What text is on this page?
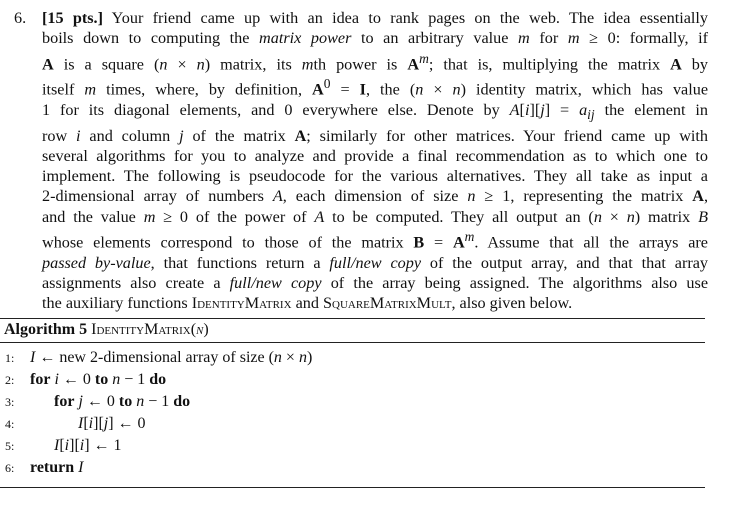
6. [15 pts.] Your friend came up with an idea to rank pages on the web. The idea essentially
boils down to computing the matrix power to an arbitrary value m for m ≥ 0: formally, if
A is a square (n × n) matrix, its mth power is $A^m$; that is, multiplying the matrix A by
itself m times, where, by definition, $A^0 = I$, the (n × n) identity matrix, which has value
1 for its diagonal elements, and 0 everywhere else. Denote by $A[i][j] = a_{ij}$ the element in
row i and column j of the matrix A; similarly for other matrices. Your friend came up with
several algorithms for you to analyze and provide a final recommendation as to which one to
implement. The following is pseudocode for the various alternatives. They all take as input a
2-dimensional array of numbers A, each dimension of size n ≥ 1, representing the matrix A,
and the value m ≥ 0 of the power of A to be computed. They all output an (n × n) matrix B
whose elements correspond to those of the matrix $B = A^m$. Assume that all the arrays are
passed by-value, that functions return a full/new copy of the output array, and that that array
assignments also create a full/new copy of the array being assigned. The algorithms also use
the auxiliary functions IdentityMatrix and SquareMatrixMult, also given below.
Algorithm 5 IdentityMatrix(n)
1: I ← new 2-dimensional array of size (n × n)
2: for i ← 0 to n − 1 do
3:	for j ← 0 to n − 1 do
4:	I[i][j] ← 0
5:	I[i][i] ← 1
6: return I
